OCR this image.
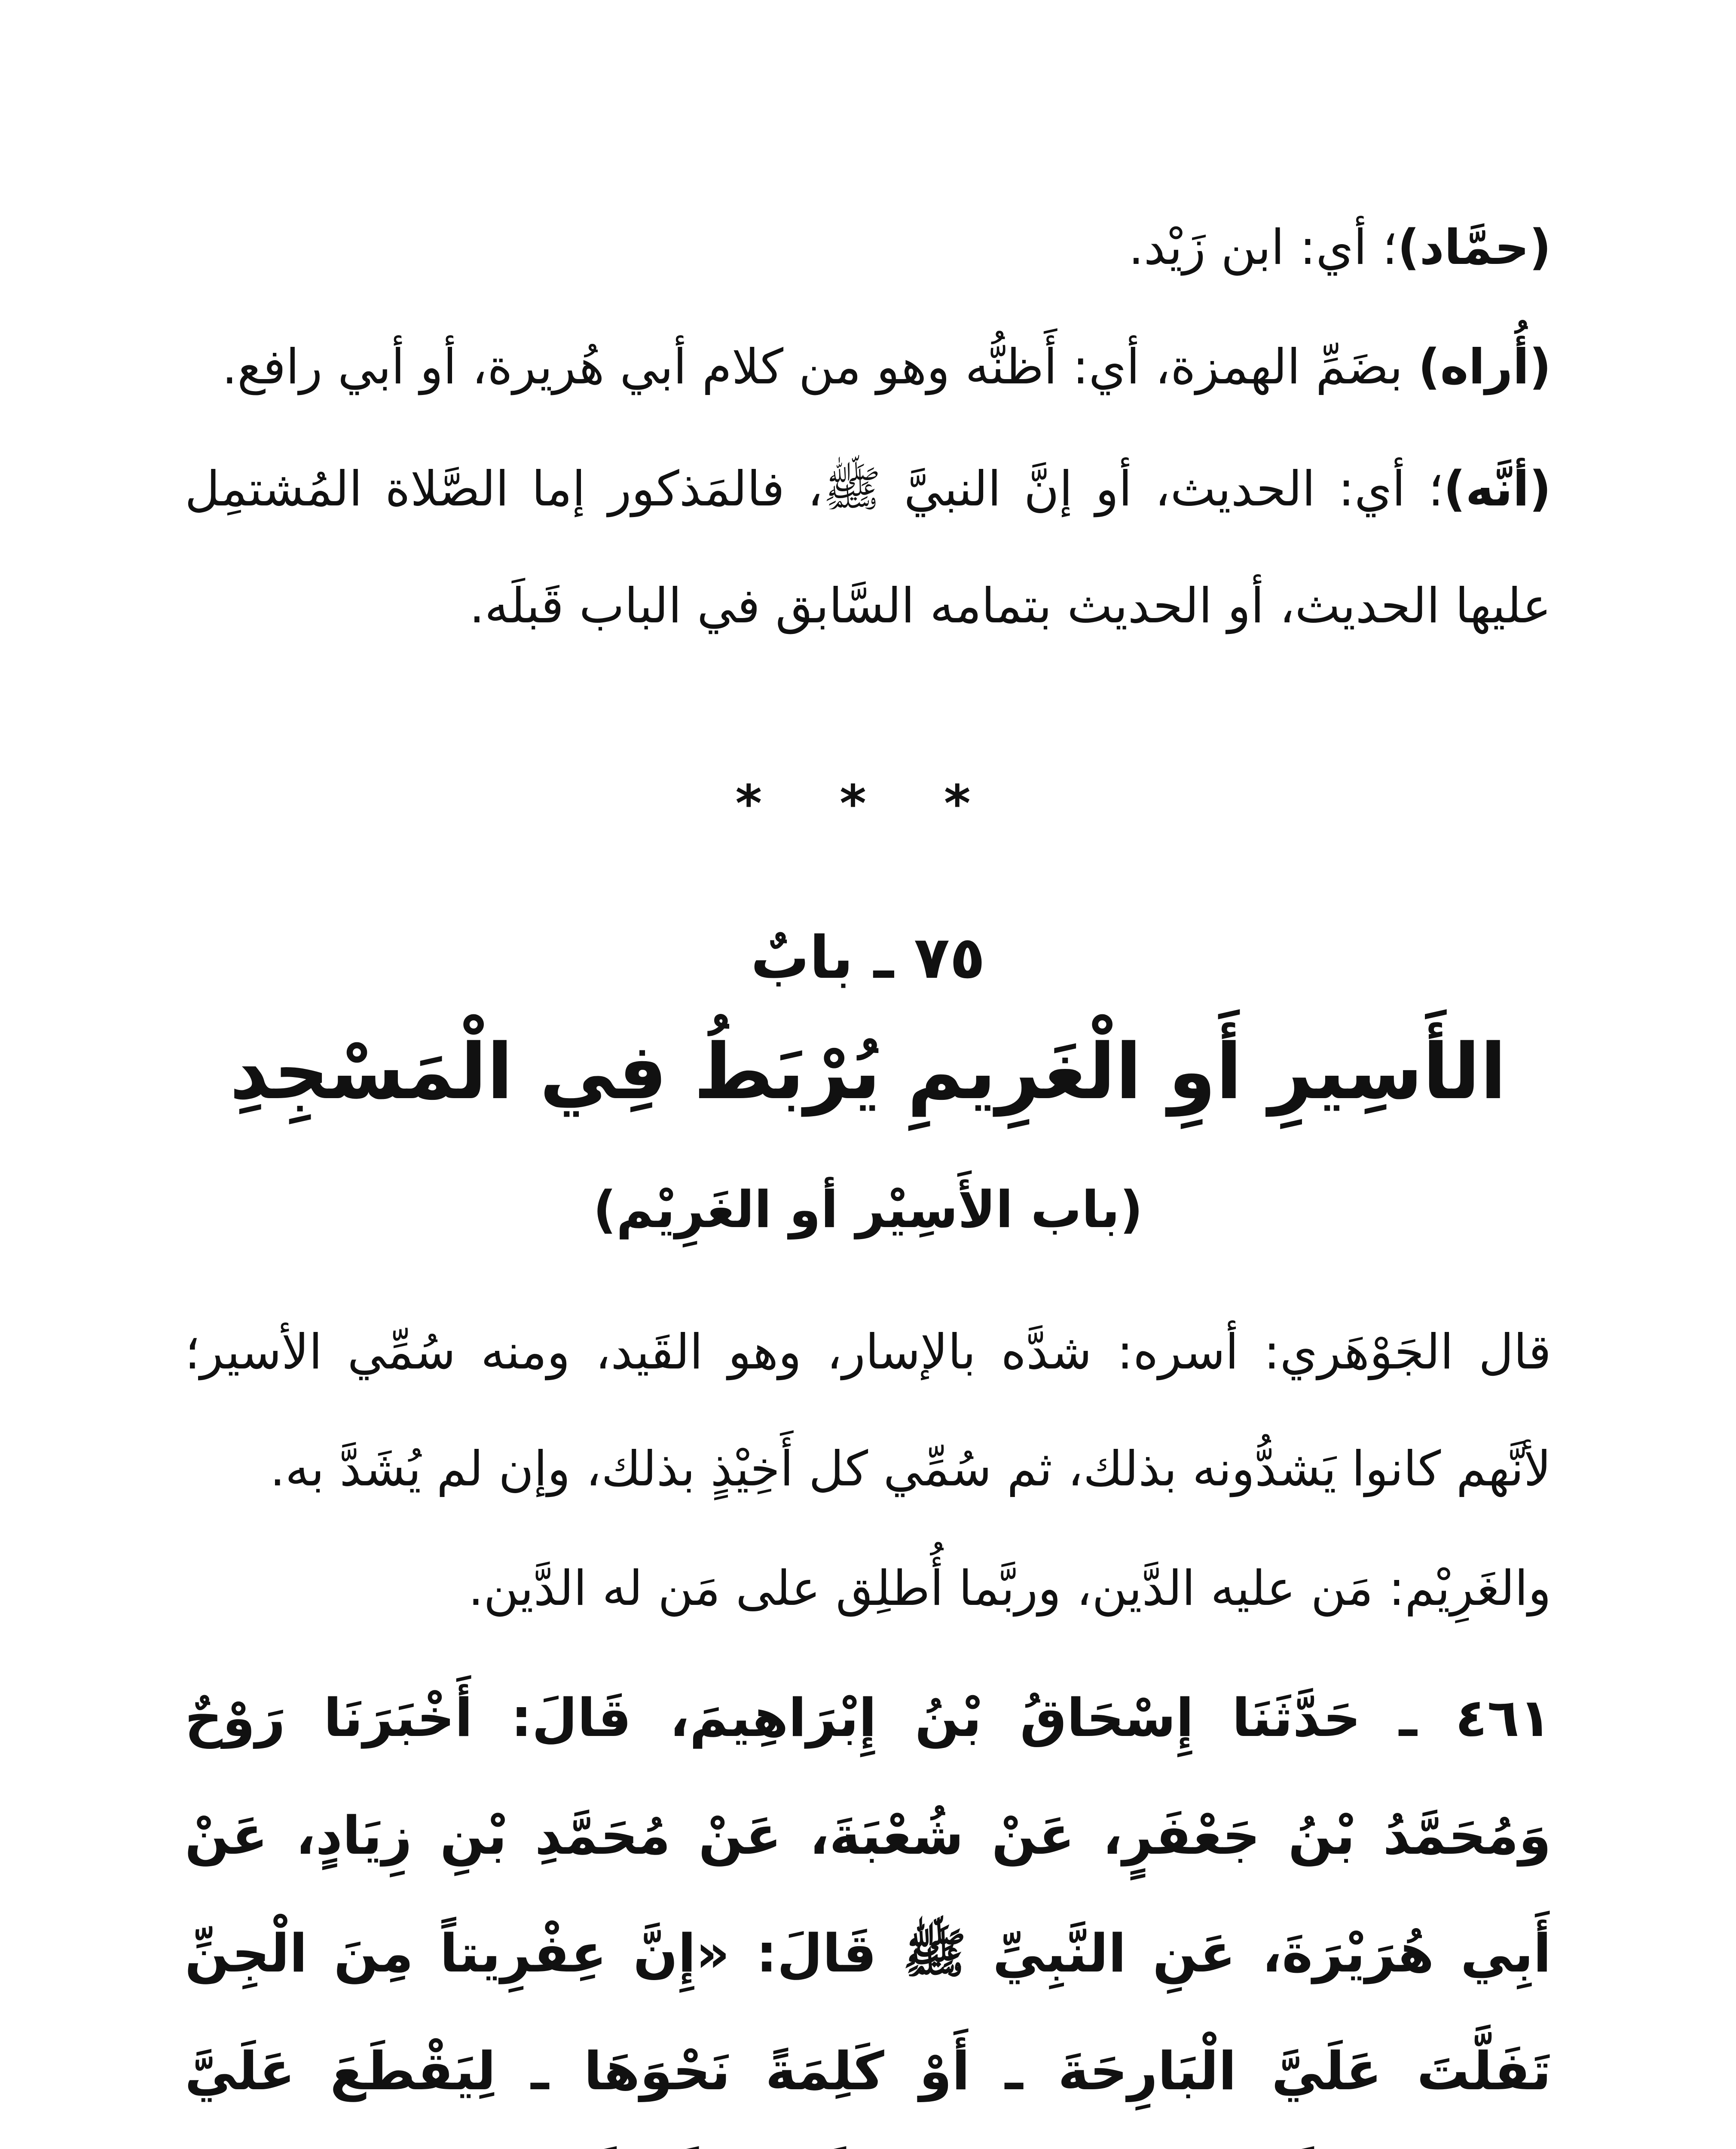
(حمَّاد)؛ أي: ابن زَيْد.

(أُراه) بضَمِّ الهمزة، أي: أَظنُّه وهو من كلام أبي هُريرة، أو أبي رافع.

(أنَّه)؛ أي: الحديث، أو إنَّ النبيَّ ﷺ، فالمَذكور إما الصَّلاة المُشتمِل عليها الحديث، أو الحديث بتمامه السَّابق في الباب قَبلَه.

* * *
٧٥ ـ بابٌ
الأَسِيرِ أَوِ الْغَرِيمِ يُرْبَطُ فِي الْمَسْجِدِ
(باب الأَسِيْر أو الغَرِيْم)

قال الجَوْهَري: أسره: شدَّه بالإسار، وهو القَيد، ومنه سُمِّي الأسير؛ لأنَّهم كانوا يَشدُّونه بذلك، ثم سُمِّي كل أَخِيْذٍ بذلك، وإن لم يُشَدَّ به.

والغَرِيْم: مَن عليه الدَّين، وربَّما أُطلِق على مَن له الدَّين.

٤٦١ ـ حَدَّثَنَا إِسْحَاقُ بْنُ إِبْرَاهِيمَ، قَالَ: أَخْبَرَنَا رَوْحٌ وَمُحَمَّدُ بْنُ جَعْفَرٍ، عَنْ شُعْبَةَ، عَنْ مُحَمَّدِ بْنِ زِيَادٍ، عَنْ أَبِي هُرَيْرَةَ، عَنِ النَّبِيِّ ﷺ قَالَ: «إِنَّ عِفْرِيتاً مِنَ الْجِنِّ تَفَلَّتَ عَلَيَّ الْبَارِحَةَ ـ أَوْ كَلِمَةً نَحْوَهَا ـ لِيَقْطَعَ عَلَيَّ
